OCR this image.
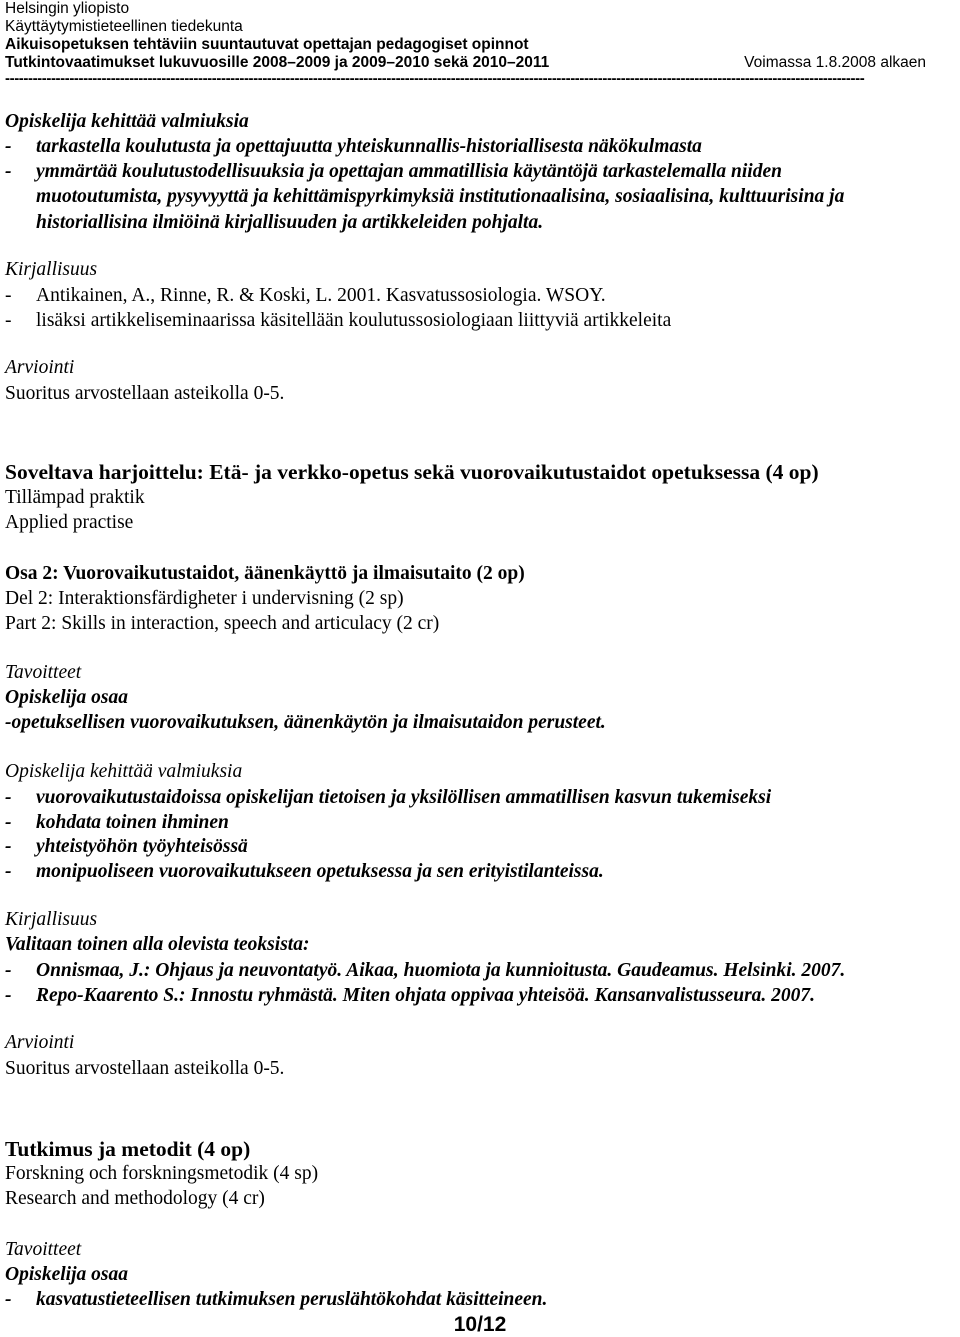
Helsingin yliopisto
Käyttäytymistieteellinen tiedekunta
Aikuisopetuksen tehtäviin suuntautuvat opettajan pedagogiset opinnot
Tutkintovaatimukset lukuvuosille 2008–2009 ja 2009–2010 sekä 2010–2011	Voimassa 1.8.2008 alkaen
-------------------------------------------------------------------------------------------------------------------------------------------------------------------------------------------
Opiskelija kehittää valmiuksia
- tarkastella koulutusta ja opettajuutta yhteiskunnallis-historiallisesta näkökulmasta
- ymmärtää koulutustodellisuuksia ja opettajan ammatillisia käytäntöjä tarkastelemalla niiden
muotoutumista, pysyvyyttä ja kehittämispyrkimyksiä institutionaalisina, sosiaalisina, kulttuurisina ja
historiallisina ilmiöinä kirjallisuuden ja artikkeleiden pohjalta.
Kirjallisuus
- Antikainen, A., Rinne, R. & Koski, L. 2001. Kasvatussosiologia. WSOY.
- lisäksi artikkeliseminaarissa käsitellään koulutussosiologiaan liittyviä artikkeleita
Arviointi
Suoritus arvostellaan asteikolla 0-5.
Soveltava harjoittelu: Etä- ja verkko-opetus sekä vuorovaikutustaidot opetuksessa (4 op)
Tillämpad praktik
Applied practise
Osa 2: Vuorovaikutustaidot, äänenkäyttö ja ilmaisutaito (2 op)
Del 2: Interaktionsfärdigheter i undervisning (2 sp)
Part 2: Skills in interaction, speech and articulacy (2 cr)
Tavoitteet
Opiskelija osaa
-opetuksellisen vuorovaikutuksen, äänenkäytön ja ilmaisutaidon perusteet.
Opiskelija kehittää valmiuksia
- vuorovaikutustaidoissa opiskelijan tietoisen ja yksilöllisen ammatillisen kasvun tukemiseksi
- kohdata toinen ihminen
- yhteistyöhön työyhteisössä
- monipuoliseen vuorovaikutukseen opetuksessa ja sen erityistilanteissa.
Kirjallisuus
Valitaan toinen alla olevista teoksista:
- Onnismaa, J.: Ohjaus ja neuvontatyö. Aikaa, huomiota ja kunnioitusta. Gaudeamus. Helsinki. 2007.
- Repo-Kaarento S.: Innostu ryhmästä. Miten ohjata oppivaa yhteisöä. Kansanvalistusseura. 2007.
Arviointi
Suoritus arvostellaan asteikolla 0-5.
Tutkimus ja metodit (4 op)
Forskning och forskningsmetodik (4 sp)
Research and methodology (4 cr)
Tavoitteet
Opiskelija osaa
- kasvatustieteellisen tutkimuksen peruslähtökohdat käsitteineen.
10/12
